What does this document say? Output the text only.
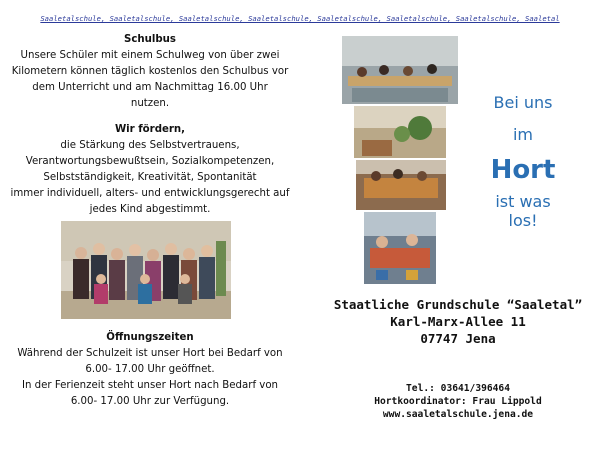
Saaletalschule, Saaletalschule, Saaletalschule, Saaletalschule, Saaletalschule, Saaletalschule, Saaletalschule, Saaletal
Schulbus
Unsere Schüler mit einem Schulweg von über zwei
Kilometern können täglich kostenlos den Schulbus vor
dem Unterricht und am Nachmittag 16.00 Uhr
nutzen.
Wir fördern,
die Stärkung des Selbstvertrauens,
Verantwortungsbewußtsein, Sozialkompetenzen,
Selbstständigkeit, Kreativität, Spontanität
immer individuell, alters- und entwicklungsgerecht auf
jedes Kind abgestimmt.
Öffnungszeiten
Während der Schulzeit ist unser Hort bei Bedarf von
6.00- 17.00 Uhr geöffnet.
In der Ferienzeit steht unser Hort nach Bedarf von
6.00- 17.00 Uhr zur Verfügung.
Bei uns
im
Hort
ist was
los!
Staatliche Grundschule “Saaletal”
Karl-Marx-Allee 11
07747 Jena
Tel.: 03641/396464
Hortkoordinator: Frau Lippold
www.saaletalschule.jena.de
